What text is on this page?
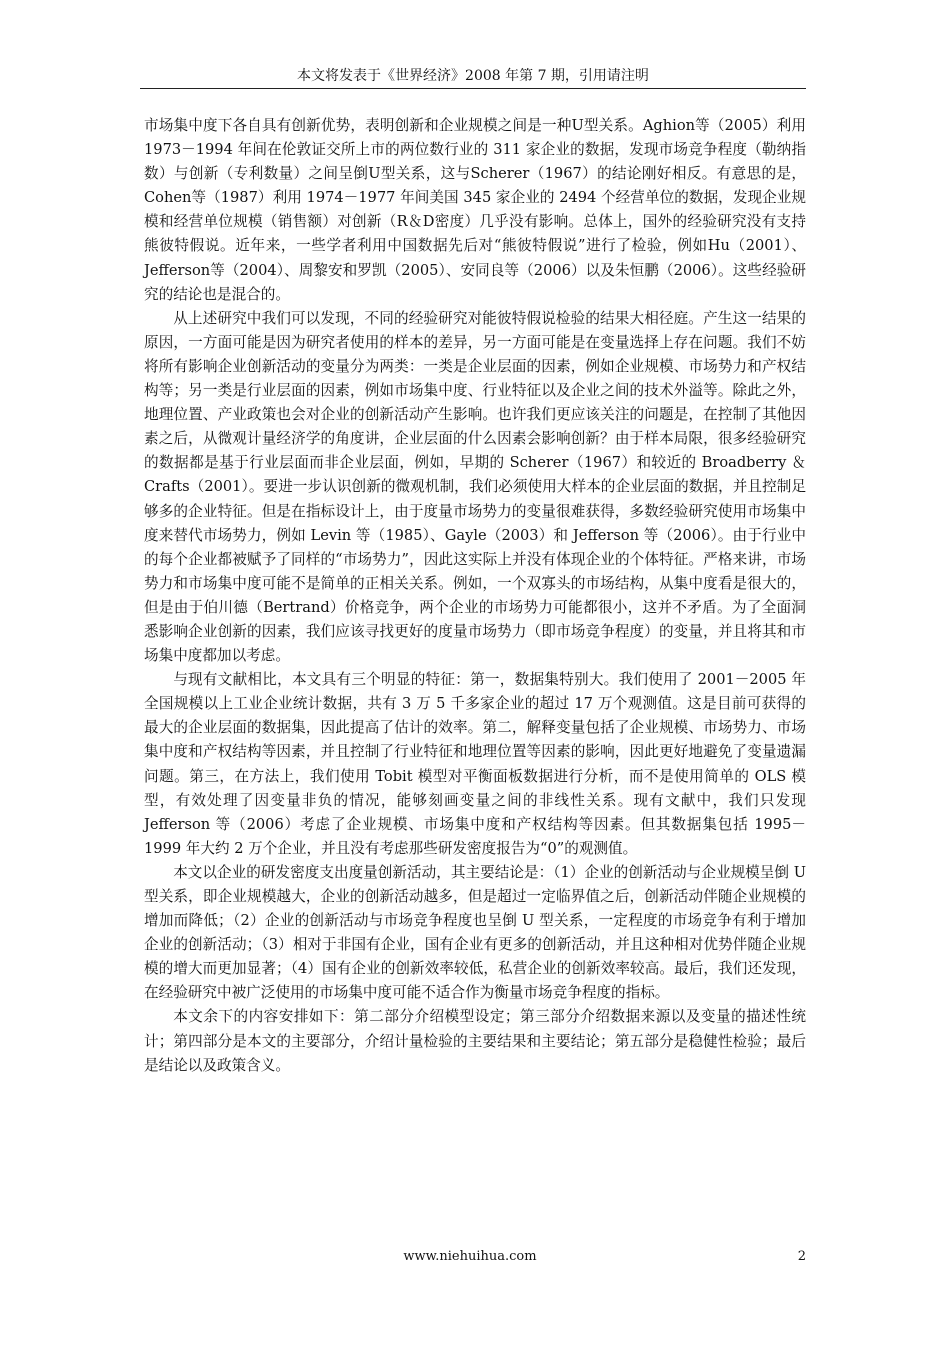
本文将发表于《世界经济》2008 年第 7 期，引用请注明

市场集中度下各自具有创新优势，表明创新和企业规模之间是一种U型关系。Aghion等（2005）利用 1973－1994 年间在伦敦证交所上市的两位数行业的 311 家企业的数据，发现市场竞争程度（勒纳指数）与创新（专利数量）之间呈倒U型关系，这与Scherer（1967）的结论刚好相反。有意思的是，Cohen等（1987）利用 1974－1977 年间美国 345 家企业的 2494 个经营单位的数据，发现企业规模和经营单位规模（销售额）对创新（R＆D密度）几乎没有影响。总体上，国外的经验研究没有支持熊彼特假说。近年来，一些学者利用中国数据先后对“熊彼特假说”进行了检验，例如Hu（2001）、Jefferson等（2004）、周黎安和罗凯（2005）、安同良等（2006）以及朱恒鹏（2006）。这些经验研究的结论也是混合的。

从上述研究中我们可以发现，不同的经验研究对能彼特假说检验的结果大相径庭。产生这一结果的原因，一方面可能是因为研究者使用的样本的差异，另一方面可能是在变量选择上存在问题。我们不妨将所有影响企业创新活动的变量分为两类：一类是企业层面的因素，例如企业规模、市场势力和产权结构等；另一类是行业层面的因素，例如市场集中度、行业特征以及企业之间的技术外溢等。除此之外，地理位置、产业政策也会对企业的创新活动产生影响。也许我们更应该关注的问题是，在控制了其他因素之后，从微观计量经济学的角度讲，企业层面的什么因素会影响创新？由于样本局限，很多经验研究的数据都是基于行业层面而非企业层面，例如，早期的 Scherer（1967）和较近的 Broadberry ＆ Crafts（2001）。要进一步认识创新的微观机制，我们必须使用大样本的企业层面的数据，并且控制足够多的企业特征。但是在指标设计上，由于度量市场势力的变量很难获得，多数经验研究使用市场集中度来替代市场势力，例如 Levin 等（1985）、Gayle（2003）和 Jefferson 等（2006）。由于行业中的每个企业都被赋予了同样的“市场势力”，因此这实际上并没有体现企业的个体特征。严格来讲，市场势力和市场集中度可能不是简单的正相关关系。例如，一个双寡头的市场结构，从集中度看是很大的，但是由于伯川德（Bertrand）价格竞争，两个企业的市场势力可能都很小，这并不矛盾。为了全面洞悉影响企业创新的因素，我们应该寻找更好的度量市场势力（即市场竞争程度）的变量，并且将其和市场集中度都加以考虑。

与现有文献相比，本文具有三个明显的特征：第一，数据集特别大。我们使用了 2001－2005 年全国规模以上工业企业统计数据，共有 3 万 5 千多家企业的超过 17 万个观测值。这是目前可获得的最大的企业层面的数据集，因此提高了估计的效率。第二，解释变量包括了企业规模、市场势力、市场集中度和产权结构等因素，并且控制了行业特征和地理位置等因素的影响，因此更好地避免了变量遗漏问题。第三，在方法上，我们使用 Tobit 模型对平衡面板数据进行分析，而不是使用简单的 OLS 模型，有效处理了因变量非负的情况，能够刻画变量之间的非线性关系。现有文献中，我们只发现 Jefferson 等（2006）考虑了企业规模、市场集中度和产权结构等因素。但其数据集包括 1995－1999 年大约 2 万个企业，并且没有考虑那些研发密度报告为“0”的观测值。

本文以企业的研发密度支出度量创新活动，其主要结论是：（1）企业的创新活动与企业规模呈倒 U 型关系，即企业规模越大，企业的创新活动越多，但是超过一定临界值之后，创新活动伴随企业规模的增加而降低；（2）企业的创新活动与市场竞争程度也呈倒 U 型关系，一定程度的市场竞争有利于增加企业的创新活动；（3）相对于非国有企业，国有企业有更多的创新活动，并且这种相对优势伴随企业规模的增大而更加显著；（4）国有企业的创新效率较低，私营企业的创新效率较高。最后，我们还发现，在经验研究中被广泛使用的市场集中度可能不适合作为衡量市场竞争程度的指标。

本文余下的内容安排如下：第二部分介绍模型设定；第三部分介绍数据来源以及变量的描述性统计；第四部分是本文的主要部分，介绍计量检验的主要结果和主要结论；第五部分是稳健性检验；最后是结论以及政策含义。

www.niehuihua.com	2
